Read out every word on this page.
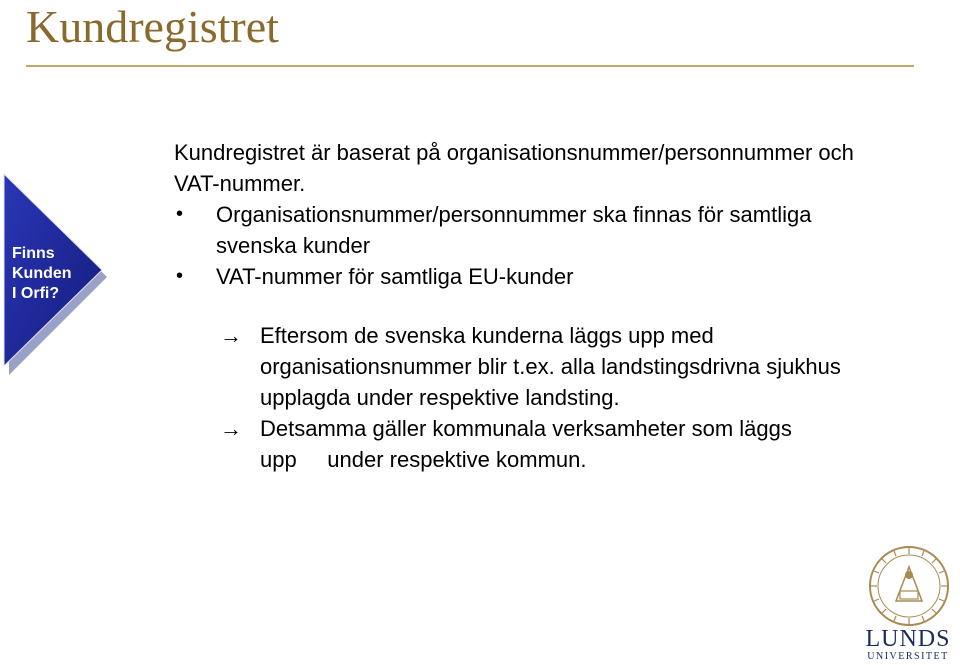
Kundregistret
Finns
Kunden
I Orfi?

Kundregistret är baserat på organisationsnummer/personnummer och VAT-nummer.

• Organisationsnummer/personnummer ska finnas för samtliga svenska kunder
• VAT-nummer för samtliga EU-kunder
→ Eftersom de svenska kunderna läggs upp med organisationsnummer blir t.ex. alla landstingsdrivna sjukhus upplagda under respektive landsting.
→ Detsamma gäller kommunala verksamheter som läggs upp     under respektive kommun.
LUNDS
UNIVERSITET
